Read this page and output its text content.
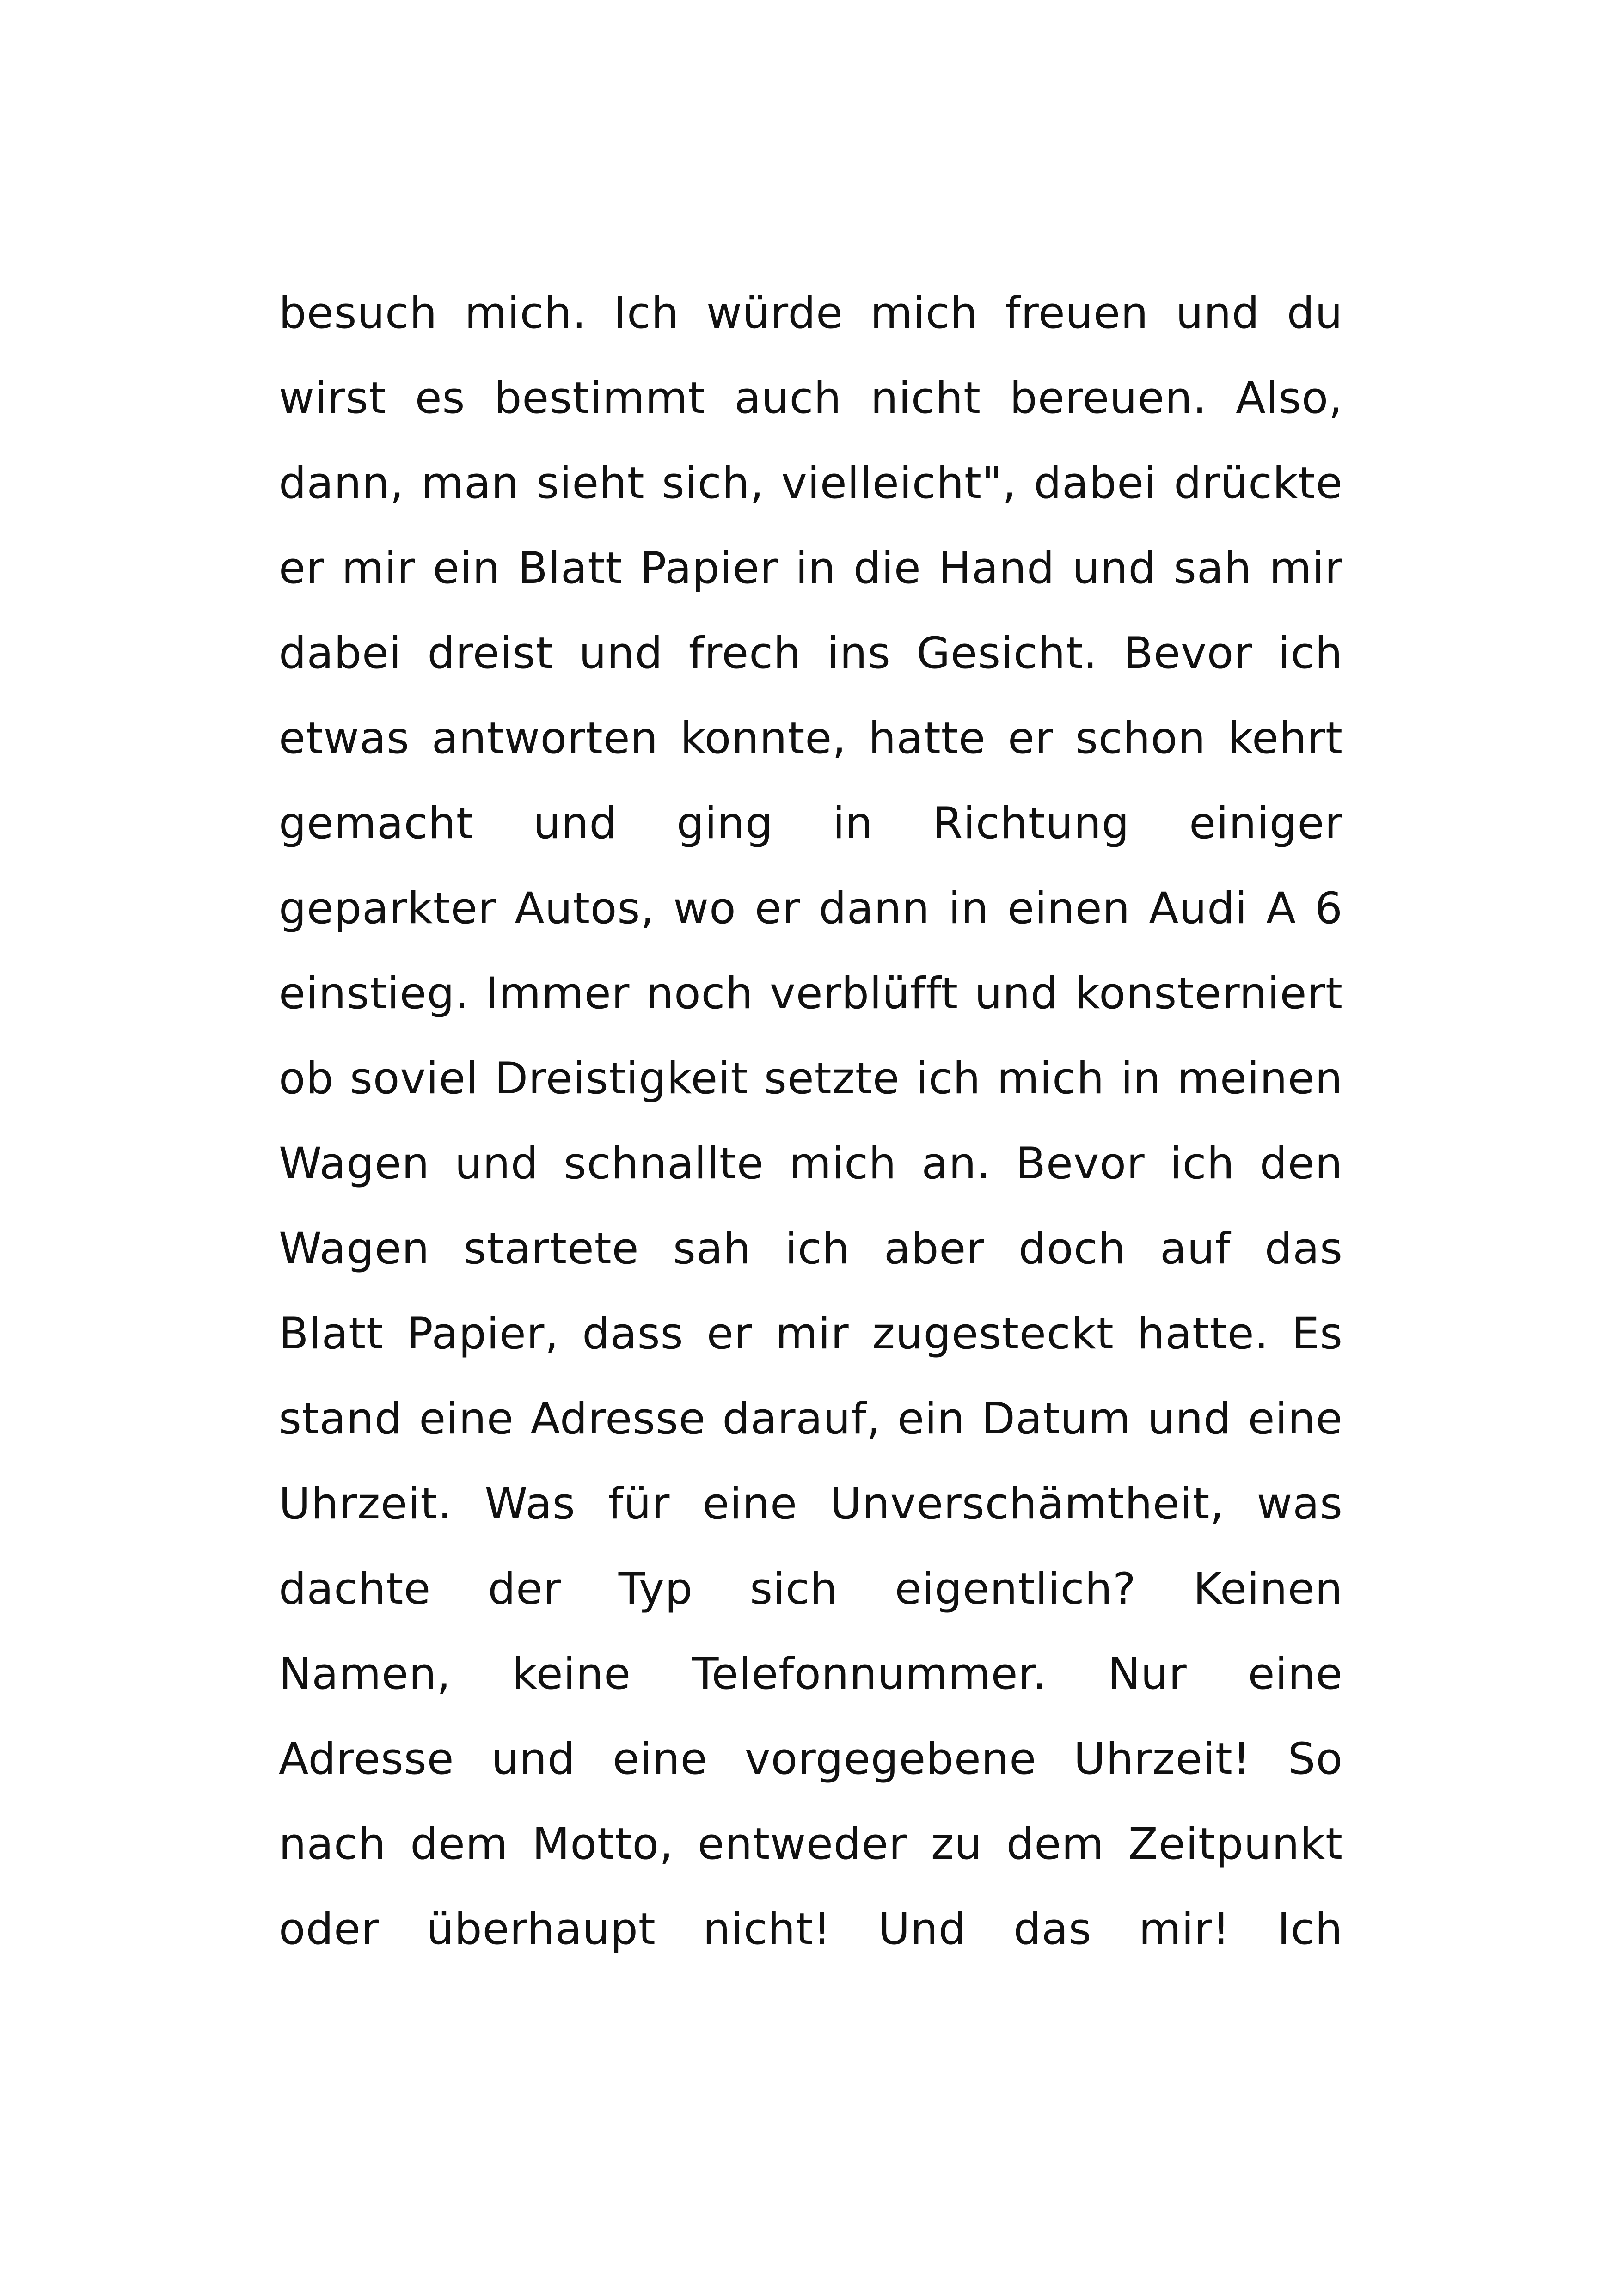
besuch mich. Ich würde mich freuen und du
wirst es bestimmt auch nicht bereuen. Also,
dann, man sieht sich, vielleicht", dabei drückte
er mir ein Blatt Papier in die Hand und sah mir
dabei dreist und frech ins Gesicht. Bevor ich
etwas antworten konnte, hatte er schon kehrt
gemacht und ging in Richtung einiger
geparkter Autos, wo er dann in einen Audi A 6
einstieg. Immer noch verblüfft und konsterniert
ob soviel Dreistigkeit setzte ich mich in meinen
Wagen und schnallte mich an. Bevor ich den
Wagen startete sah ich aber doch auf das
Blatt Papier, dass er mir zugesteckt hatte. Es
stand eine Adresse darauf, ein Datum und eine
Uhrzeit. Was für eine Unverschämtheit, was
dachte der Typ sich eigentlich? Keinen
Namen, keine Telefonnummer. Nur eine
Adresse und eine vorgegebene Uhrzeit! So
nach dem Motto, entweder zu dem Zeitpunkt
oder überhaupt nicht! Und das mir! Ich
